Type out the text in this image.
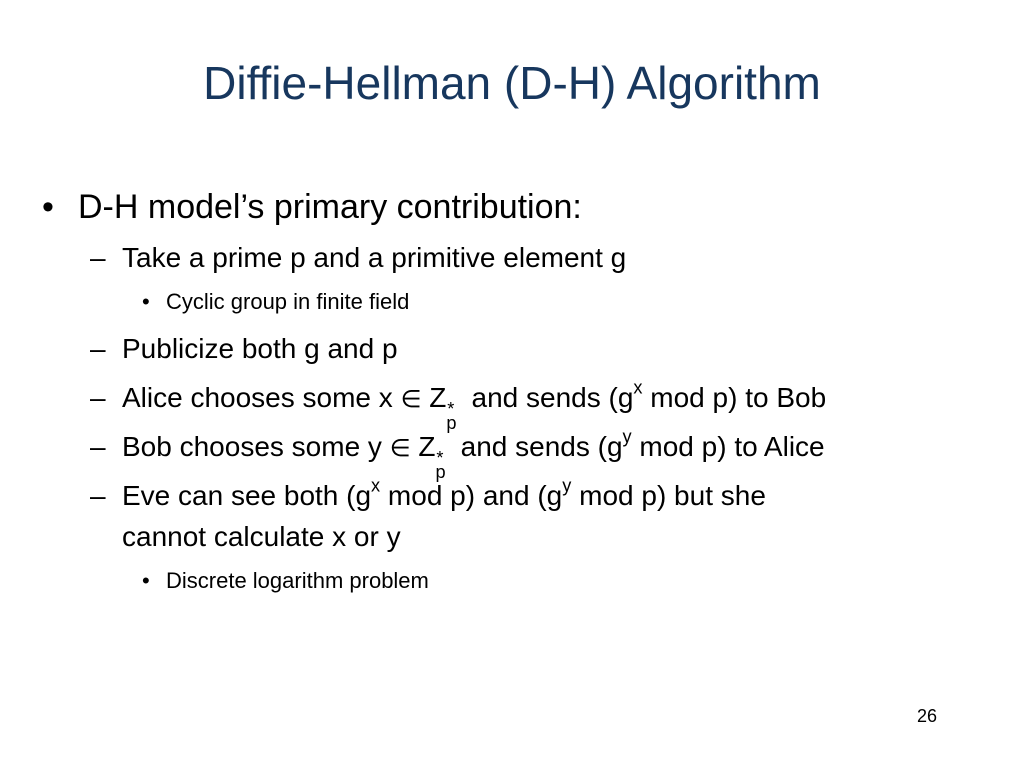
Diffie-Hellman (D-H) Algorithm
• D-H model’s primary contribution:
– Take a prime p and a primitive element g
• Cyclic group in finite field
– Publicize both g and p
– Alice chooses some x ∈ Z *
p
and sends ($g^x$ mod p) to Bob
– Bob chooses some y ∈ Z *
p
and sends ($g^y$ mod p) to Alice
– Eve can see both ($g^x$ mod p) and ($g^y$ mod p) but she
cannot calculate x or y
• Discrete logarithm problem
26
